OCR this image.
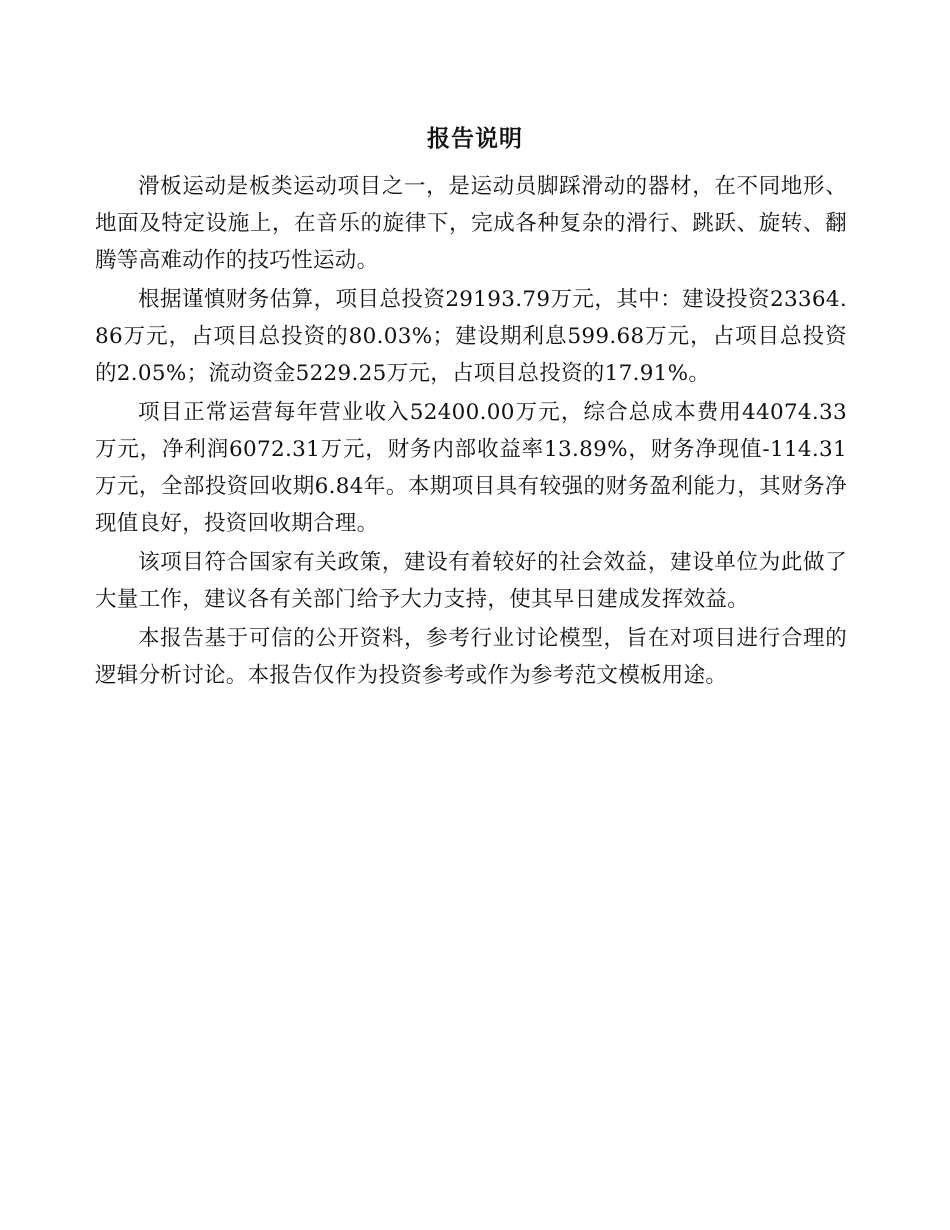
报告说明

滑板运动是板类运动项目之一，是运动员脚踩滑动的器材，在不同地形、地面及特定设施上，在音乐的旋律下，完成各种复杂的滑行、跳跃、旋转、翻腾等高难动作的技巧性运动。

根据谨慎财务估算，项目总投资29193.79万元，其中：建设投资23364.86万元，占项目总投资的80.03%；建设期利息599.68万元，占项目总投资的2.05%；流动资金5229.25万元，占项目总投资的17.91%。

项目正常运营每年营业收入52400.00万元，综合总成本费用44074.33万元，净利润6072.31万元，财务内部收益率13.89%，财务净现值-114.31万元，全部投资回收期6.84年。本期项目具有较强的财务盈利能力，其财务净现值良好，投资回收期合理。

该项目符合国家有关政策，建设有着较好的社会效益，建设单位为此做了大量工作，建议各有关部门给予大力支持，使其早日建成发挥效益。

本报告基于可信的公开资料，参考行业讨论模型，旨在对项目进行合理的逻辑分析讨论。本报告仅作为投资参考或作为参考范文模板用途。
